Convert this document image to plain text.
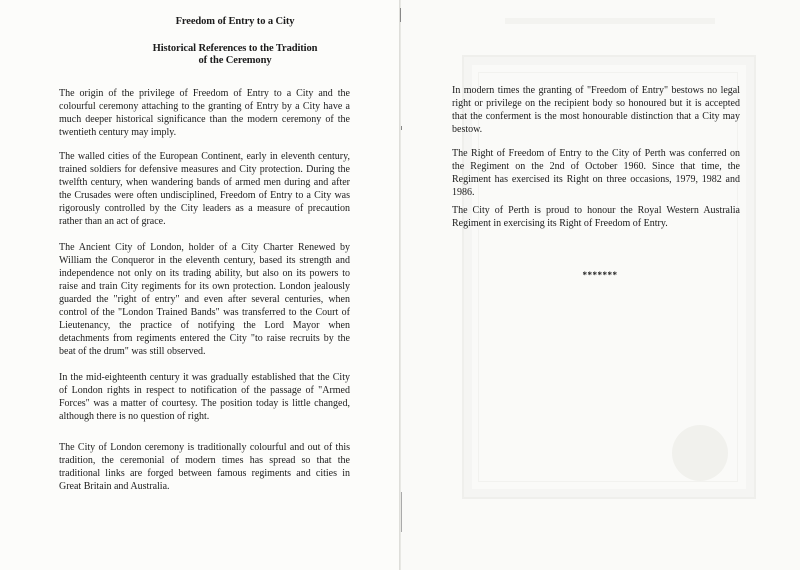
Freedom of Entry to a City
Historical References to the Tradition
of the Ceremony

The origin of the privilege of Freedom of Entry to a City and the colourful ceremony attaching to the granting of Entry by a City have a much deeper historical significance than the modern ceremony of the twentieth century may imply.

The walled cities of the European Continent, early in eleventh century, trained soldiers for defensive measures and City protection. During the twelfth century, when wandering bands of armed men during and after the Crusades were often undisciplined, Freedom of Entry to a City was rigorously controlled by the City leaders as a measure of precaution rather than an act of grace.

The Ancient City of London, holder of a City Charter Renewed by William the Conqueror in the eleventh century, based its strength and independence not only on its trading ability, but also on its powers to raise and train City regiments for its own protection. London jealously guarded the "right of entry" and even after several centuries, when control of the "London Trained Bands" was transferred to the Court of Lieutenancy, the practice of notifying the Lord Mayor when detachments from regiments entered the City "to raise recruits by the beat of the drum" was still observed.

In the mid-eighteenth century it was gradually established that the City of London rights in respect to notification of the passage of "Armed Forces" was a matter of courtesy. The position today is little changed, although there is no question of right.

The City of London ceremony is traditionally colourful and out of this tradition, the ceremonial of modern times has spread so that the traditional links are forged between famous regiments and cities in Great Britain and Australia.

In modern times the granting of "Freedom of Entry" bestows no legal right or privilege on the recipient body so honoured but it is accepted that the conferment is the most honourable distinction that a City may bestow.

The Right of Freedom of Entry to the City of Perth was conferred on the Regiment on the 2nd of October 1960. Since that time, the Regiment has exercised its Right on three occasions, 1979, 1982 and 1986.

The City of Perth is proud to honour the Royal Western Australia Regiment in exercising its Right of Freedom of Entry.

*******
